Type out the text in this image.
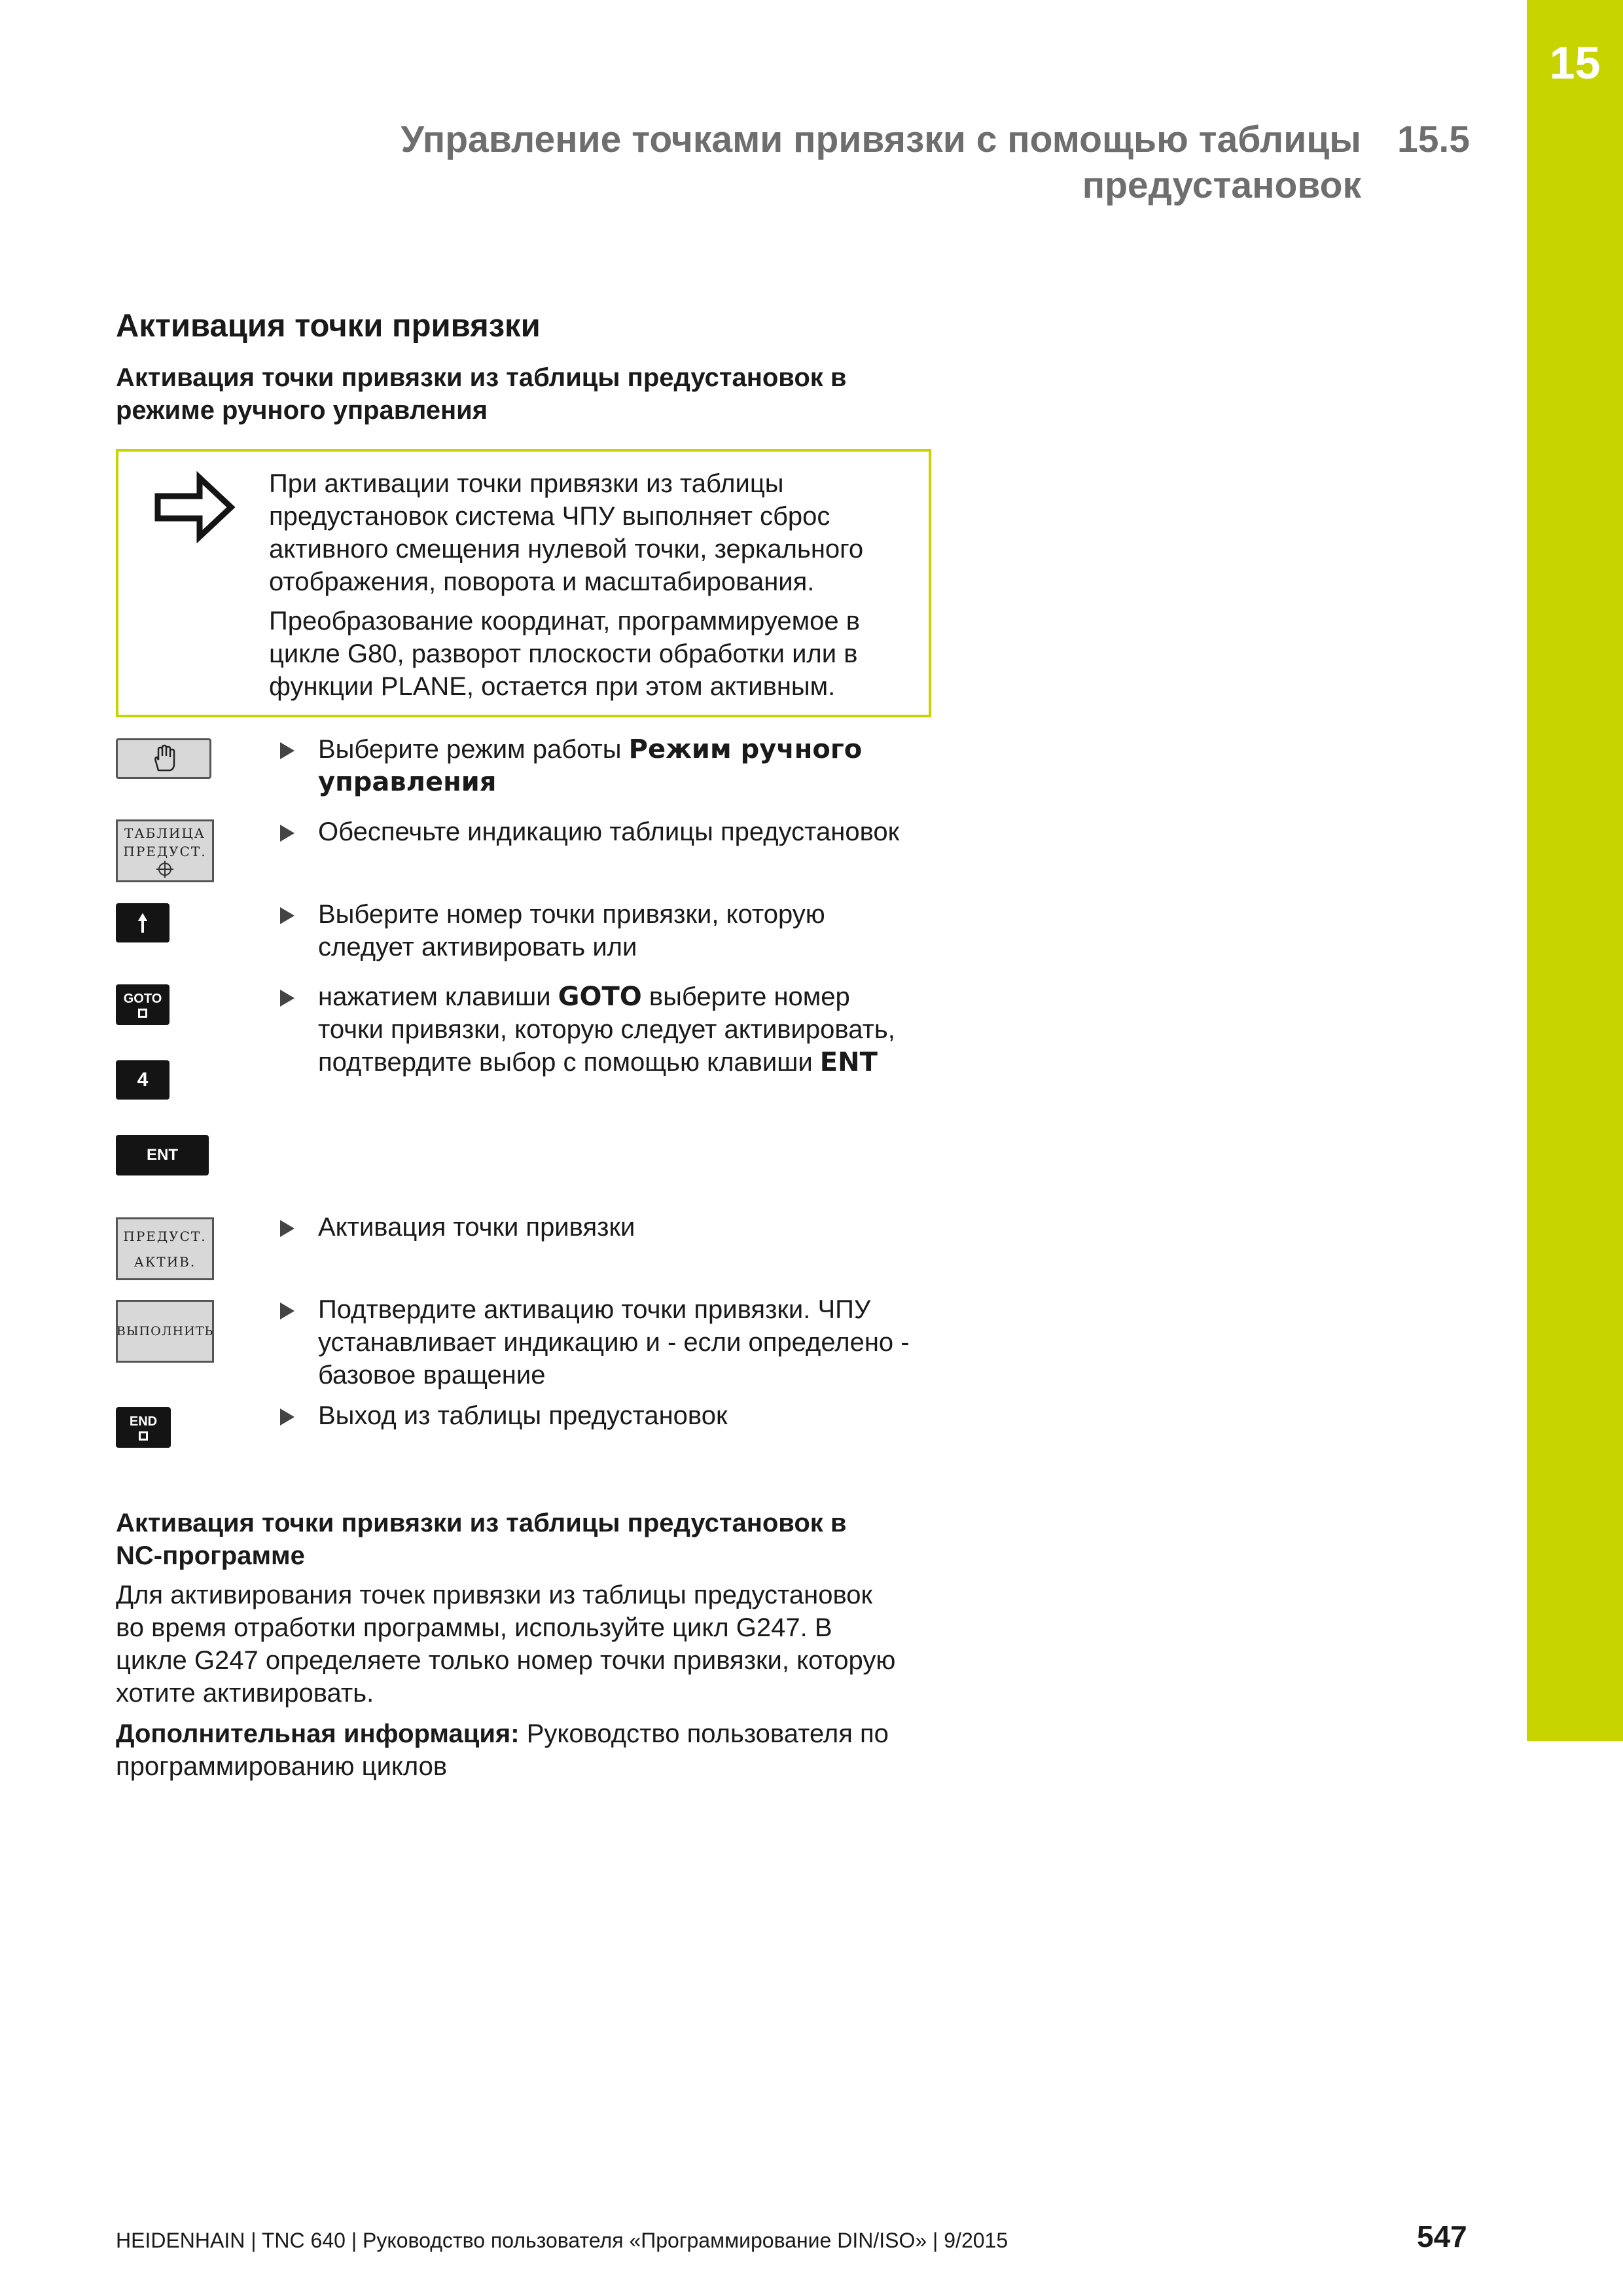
15
Управление точками привязки с помощью таблицы
предустановок
15.5
Активация точки привязки
Активация точки привязки из таблицы предустановок в
режиме ручного управления
При активации точки привязки из таблицы
предустановок система ЧПУ выполняет сброс
активного смещения нулевой точки, зеркального
отображения, поворота и масштабирования.
Преобразование координат, программируемое в
цикле G80, разворот плоскости обработки или в
функции PLANE, остается при этом активным.
ТАБЛИЦА
ПРЕДУСТ.
GOTO
4
ENT
ПРЕДУСТ.
АКТИВ.
ВЫПОЛНИТЬ
END
Выберите режим работы Режим ручного
управления
Обеспечьте индикацию таблицы предустановок
Выберите номер точки привязки, которую
следует активировать или
нажатием клавиши GOTO выберите номер
точки привязки, которую следует активировать,
подтвердите выбор с помощью клавиши ENT
Активация точки привязки
Подтвердите активацию точки привязки. ЧПУ
устанавливает индикацию и - если определено -
базовое вращение
Выход из таблицы предустановок
Активация точки привязки из таблицы предустановок в
NC-программе
Для активирования точек привязки из таблицы предустановок
во время отработки программы, используйте цикл G247. В
цикле G247 определяете только номер точки привязки, которую
хотите активировать.
Дополнительная информация: Руководство пользователя по
программированию циклов
HEIDENHAIN | TNC 640 | Руководство пользователя «Программирование DIN/ISO» | 9/2015	547
